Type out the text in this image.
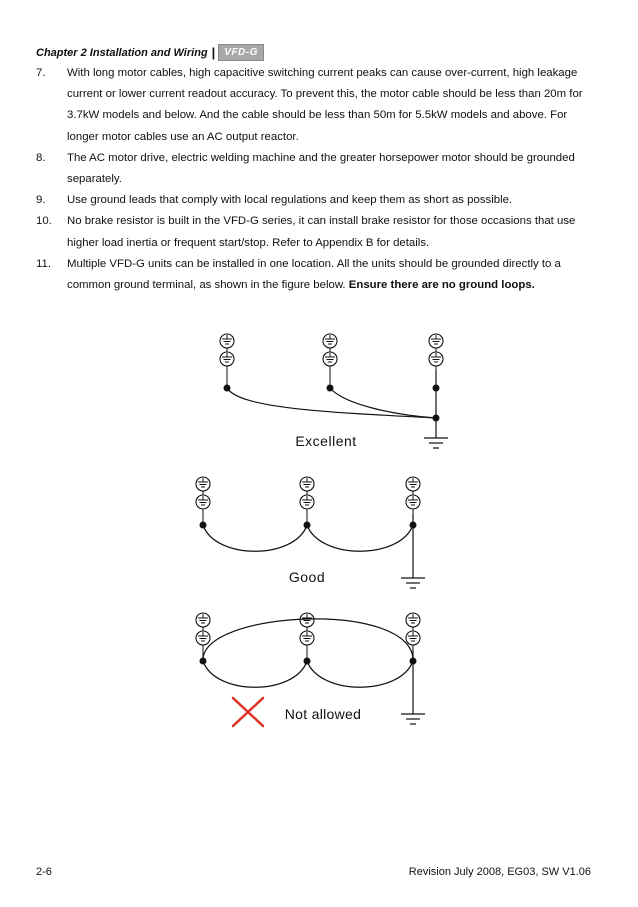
Chapter 2 Installation and Wiring | VFD-G
7.	With long motor cables, high capacitive switching current peaks can cause over-current, high leakage current or lower current readout accuracy. To prevent this, the motor cable should be less than 20m for 3.7kW models and below. And the cable should be less than 50m for 5.5kW models and above. For longer motor cables use an AC output reactor.
8.	The AC motor drive, electric welding machine and the greater horsepower motor should be grounded separately.
9.	Use ground leads that comply with local regulations and keep them as short as possible.
10.	No brake resistor is built in the VFD-G series, it can install brake resistor for those occasions that use higher load inertia or frequent start/stop. Refer to Appendix B for details.
11.	Multiple VFD-G units can be installed in one location. All the units should be grounded directly to a common ground terminal, as shown in the figure below. Ensure there are no ground loops.
Excellent
Good
Not allowed
2-6	Revision July 2008, EG03, SW V1.06
